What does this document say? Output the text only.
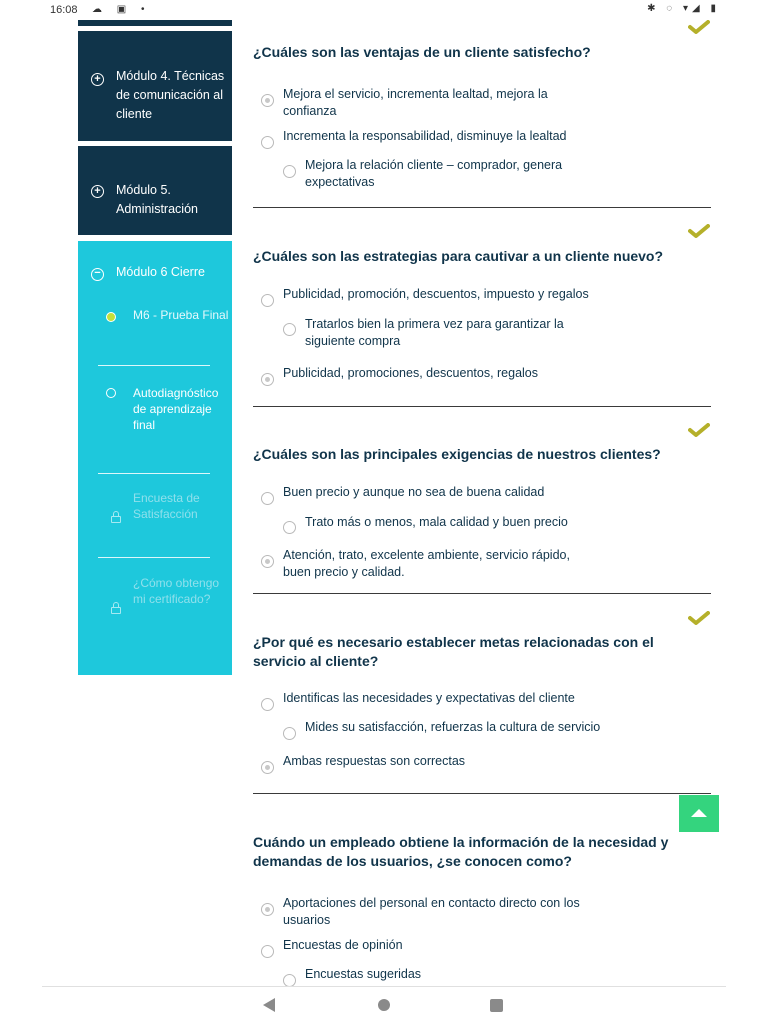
16:08 ☁ ▣ •	✱ ◌ ▾◢ ▮
+ Módulo 4. Técnicas de comunicación al cliente
+ Módulo 5. Administración
− Módulo 6 Cierre
M6 - Prueba Final
Autodiagnóstico de aprendizaje final
Encuesta de Satisfacción
¿Cómo obtengo mi certificado?
¿Cuáles son las ventajas de un cliente satisfecho?
Mejora el servicio, incrementa lealtad, mejora la confianza
Incrementa la responsabilidad, disminuye la lealtad
Mejora la relación cliente – comprador, genera expectativas
¿Cuáles son las estrategias para cautivar a un cliente nuevo?
Publicidad, promoción, descuentos, impuesto y regalos
Tratarlos bien la primera vez para garantizar la siguiente compra
Publicidad, promociones, descuentos, regalos
¿Cuáles son las principales exigencias de nuestros clientes?
Buen precio y aunque no sea de buena calidad
Trato más o menos, mala calidad y buen precio
Atención, trato, excelente ambiente, servicio rápido, buen precio y calidad.
¿Por qué es necesario establecer metas relacionadas con el servicio al cliente?
Identificas las necesidades y expectativas del cliente
Mides su satisfacción, refuerzas la cultura de servicio
Ambas respuestas son correctas
Cuándo un empleado obtiene la información de la necesidad y demandas de los usuarios, ¿se conocen como?
Aportaciones del personal en contacto directo con los usuarios
Encuestas de opinión
Encuestas sugeridas
